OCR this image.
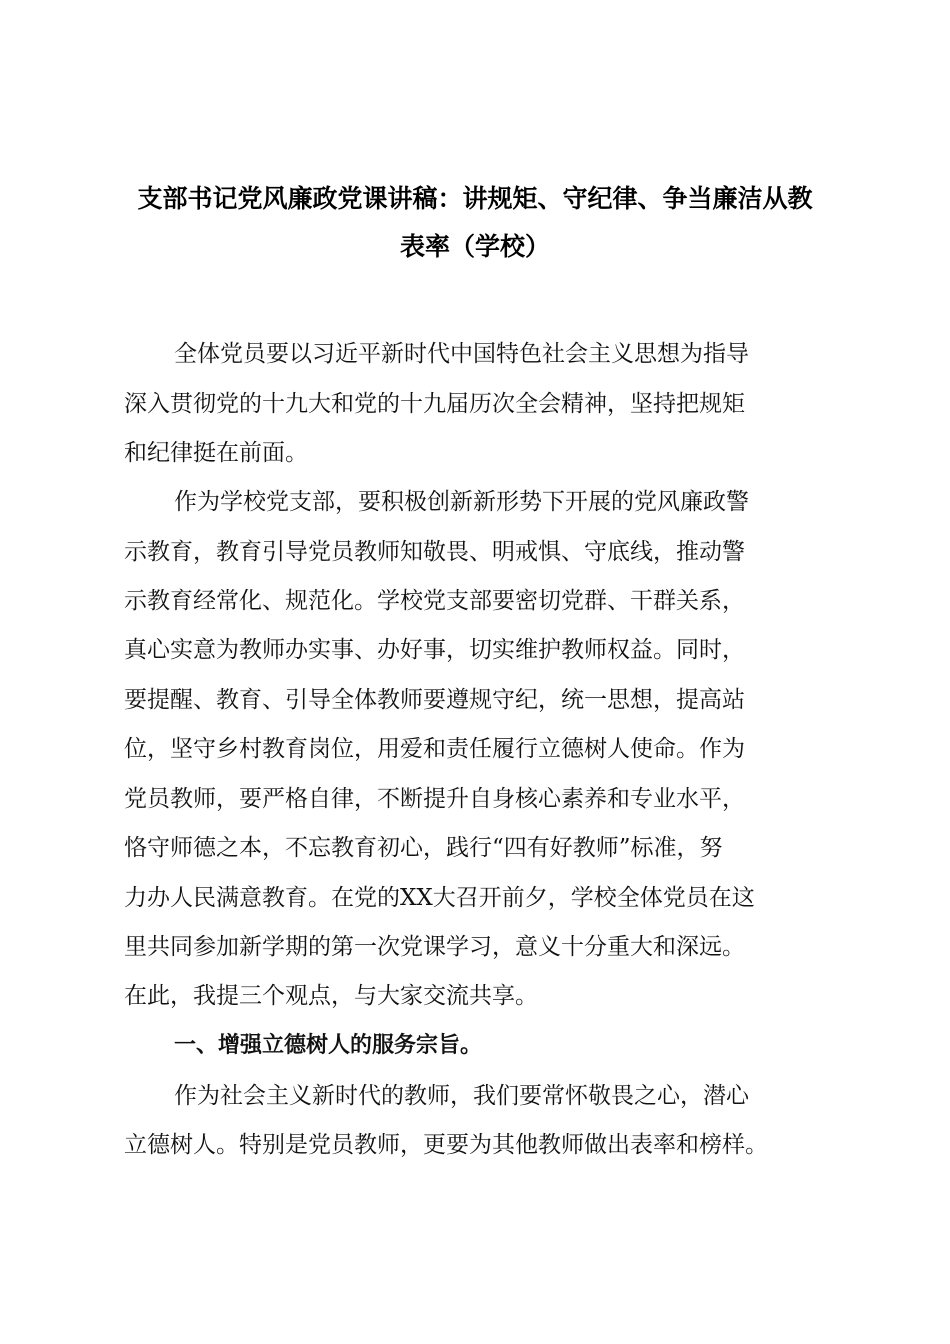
支部书记党风廉政党课讲稿：讲规矩、守纪律、争当廉洁从教
表率（学校）
全体党员要以习近平新时代中国特色社会主义思想为指导
深入贯彻党的十九大和党的十九届历次全会精神，坚持把规矩
和纪律挺在前面。
作为学校党支部，要积极创新新形势下开展的党风廉政警
示教育，教育引导党员教师知敬畏、明戒惧、守底线，推动警
示教育经常化、规范化。学校党支部要密切党群、干群关系，
真心实意为教师办实事、办好事，切实维护教师权益。同时，
要提醒、教育、引导全体教师要遵规守纪，统一思想，提高站
位，坚守乡村教育岗位，用爱和责任履行立德树人使命。作为
党员教师，要严格自律，不断提升自身核心素养和专业水平，
恪守师德之本，不忘教育初心，践行“四有好教师”标准，努
力办人民满意教育。在党的XX大召开前夕，学校全体党员在这
里共同参加新学期的第一次党课学习，意义十分重大和深远。
在此，我提三个观点，与大家交流共享。
一、增强立德树人的服务宗旨。
作为社会主义新时代的教师，我们要常怀敬畏之心，潜心
立德树人。特别是党员教师，更要为其他教师做出表率和榜样。
